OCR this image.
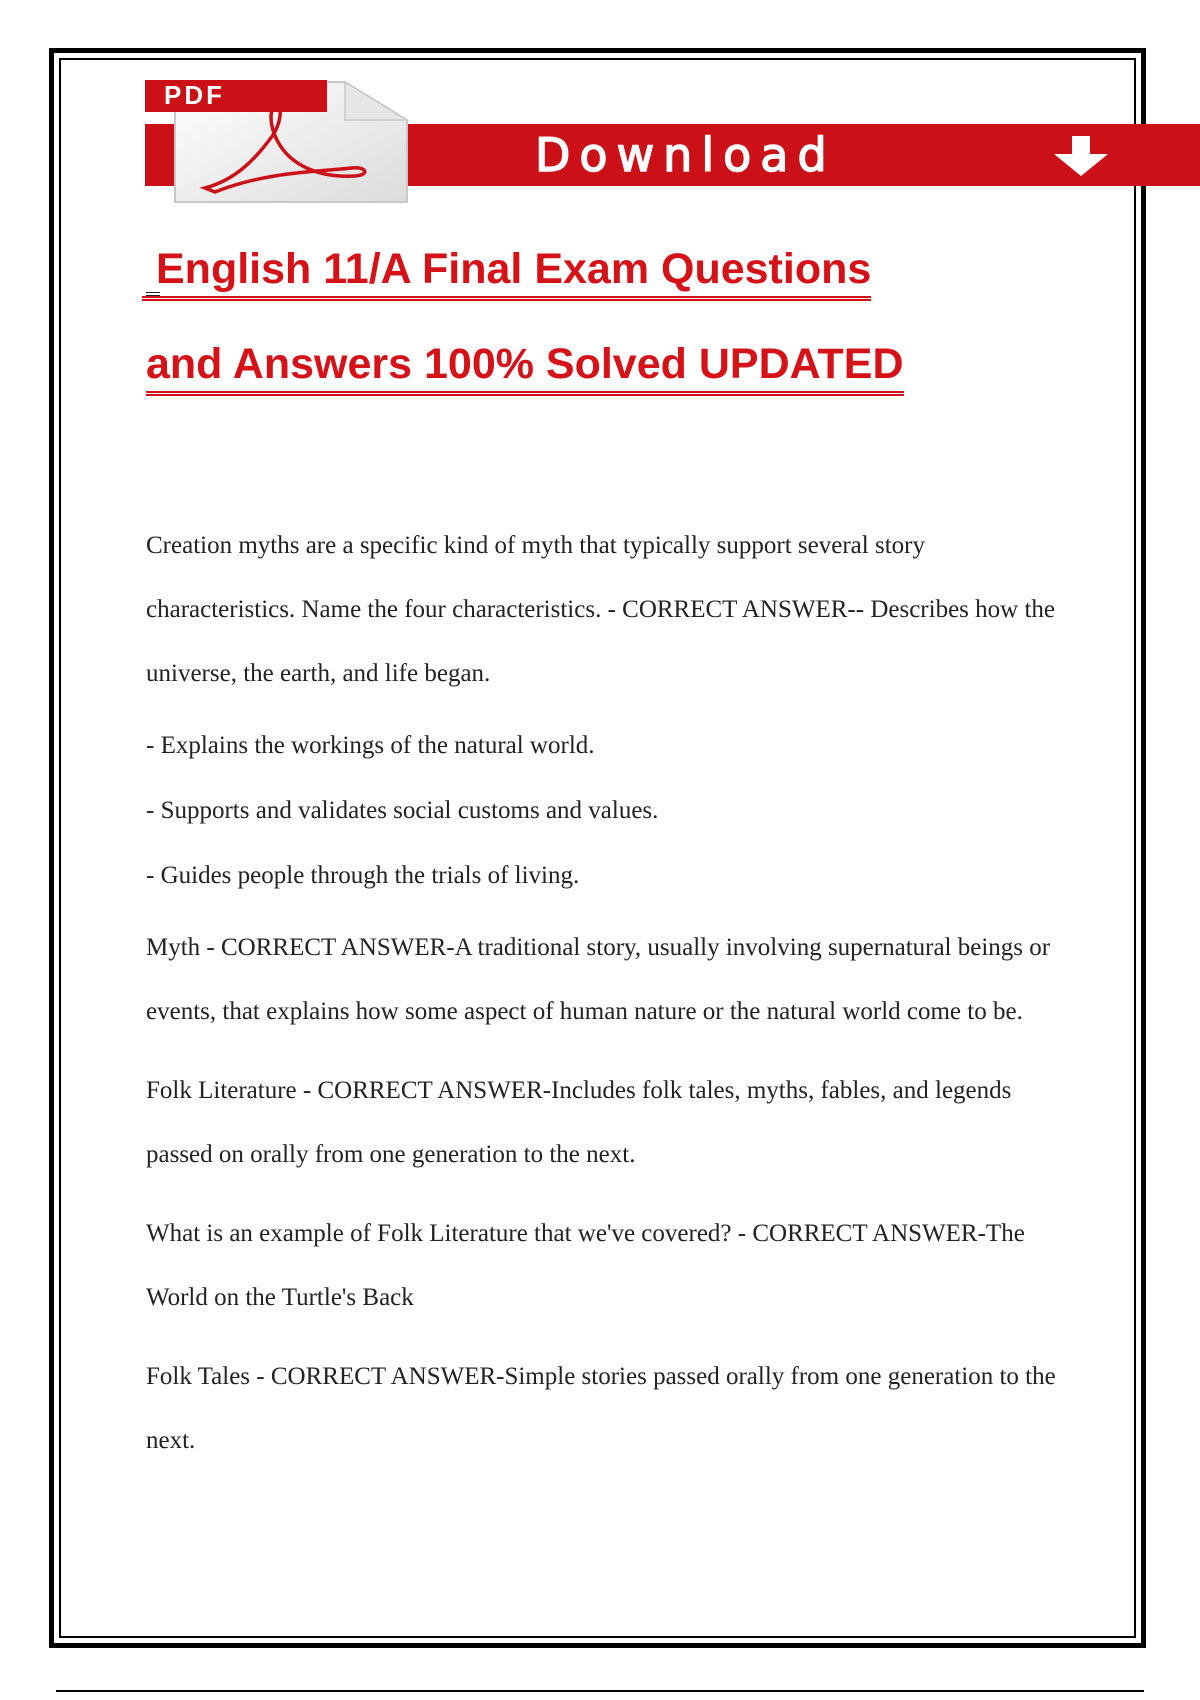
Download
PDF
English 11/A Final Exam Questions
and Answers 100% Solved UPDATED

Creation myths are a specific kind of myth that typically support several story characteristics. Name the four characteristics. - CORRECT ANSWER-- Describes how the universe, the earth, and life began.

- Explains the workings of the natural world.

- Supports and validates social customs and values.

- Guides people through the trials of living.

Myth - CORRECT ANSWER-A traditional story, usually involving supernatural beings or events, that explains how some aspect of human nature or the natural world come to be.

Folk Literature - CORRECT ANSWER-Includes folk tales, myths, fables, and legends passed on orally from one generation to the next.

What is an example of Folk Literature that we've covered? - CORRECT ANSWER-The World on the Turtle's Back

Folk Tales - CORRECT ANSWER-Simple stories passed orally from one generation to the next.
